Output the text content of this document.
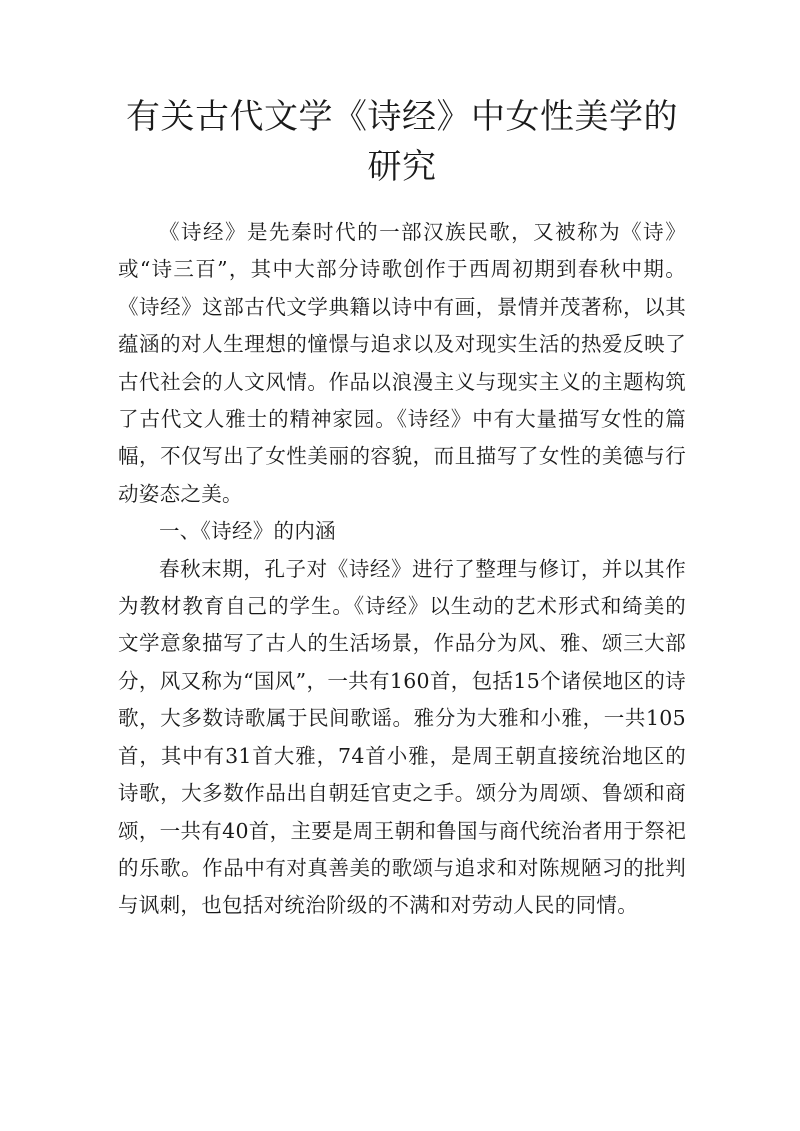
有关古代文学《诗经》中女性美学的研究

《诗经》是先秦时代的一部汉族民歌，又被称为《诗》或“诗三百”，其中大部分诗歌创作于西周初期到春秋中期。《诗经》这部古代文学典籍以诗中有画，景情并茂著称，以其蕴涵的对人生理想的憧憬与追求以及对现实生活的热爱反映了古代社会的人文风情。作品以浪漫主义与现实主义的主题构筑了古代文人雅士的精神家园。《诗经》中有大量描写女性的篇幅，不仅写出了女性美丽的容貌，而且描写了女性的美德与行动姿态之美。

一、《诗经》的内涵

春秋末期，孔子对《诗经》进行了整理与修订，并以其作为教材教育自己的学生。《诗经》以生动的艺术形式和绮美的文学意象描写了古人的生活场景，作品分为风、雅、颂三大部分，风又称为“国风”，一共有160首，包括15个诸侯地区的诗歌，大多数诗歌属于民间歌谣。雅分为大雅和小雅，一共105首，其中有31首大雅，74首小雅，是周王朝直接统治地区的诗歌，大多数作品出自朝廷官吏之手。颂分为周颂、鲁颂和商颂，一共有40首，主要是周王朝和鲁国与商代统治者用于祭祀的乐歌。作品中有对真善美的歌颂与追求和对陈规陋习的批判与讽刺，也包括对统治阶级的不满和对劳动人民的同情。
